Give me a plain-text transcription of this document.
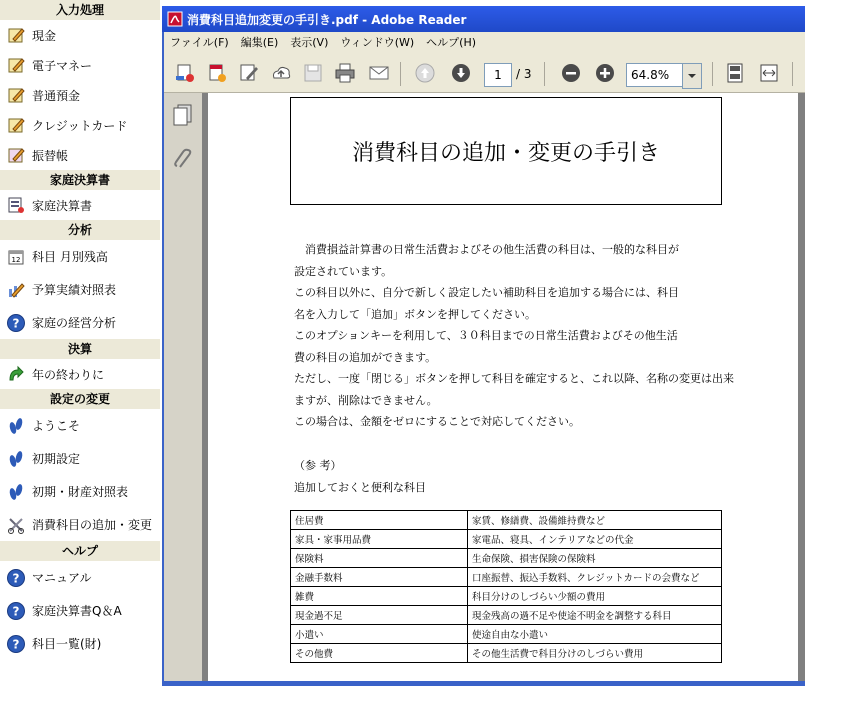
入力処理
現金
電子マネー
普通預金
クレジットカード
振替帳
家庭決算書
家庭決算書
分析
12 科目 月別残高
予算実績対照表
? 家庭の経営分析
決算
年の終わりに
設定の変更
ようこそ
初期設定
初期・財産対照表
消費科目の追加・変更
ヘルプ
? マニュアル
? 家庭決算書Q＆A
? 科目一覧(財)
消費科目追加変更の手引き.pdf - Adobe Reader
ファイル(F) 編集(E) 表示(V) ウィンドウ(W) ヘルプ(H)
1	/ 3	64.8%
消費科目の追加・変更の手引き
　消費損益計算書の日常生活費およびその他生活費の科目は、一般的な科目が
設定されています。
この科目以外に、自分で新しく設定したい補助科目を追加する場合には、科目
名を入力して「追加」ボタンを押してください。
このオプションキーを利用して、３０科目までの日常生活費およびその他生活
費の科目の追加ができます。
ただし、一度「閉じる」ボタンを押して科目を確定すると、これ以降、名称の変更は出来
ますが、削除はできません。
この場合は、金額をゼロにすることで対応してください。
（参 考）
追加しておくと便利な科目
住居費	家賃、修繕費、設備維持費など
家具・家事用品費	家電品、寝具、インテリアなどの代金
保険料	生命保険、損害保険の保険料
金融手数料	口座振替、振込手数料、クレジットカードの会費など
雑費	科目分けのしづらい少額の費用
現金過不足	現金残高の過不足や使途不明金を調整する科目
小遣い	使途自由な小遣い
その他費	その他生活費で科目分けのしづらい費用
